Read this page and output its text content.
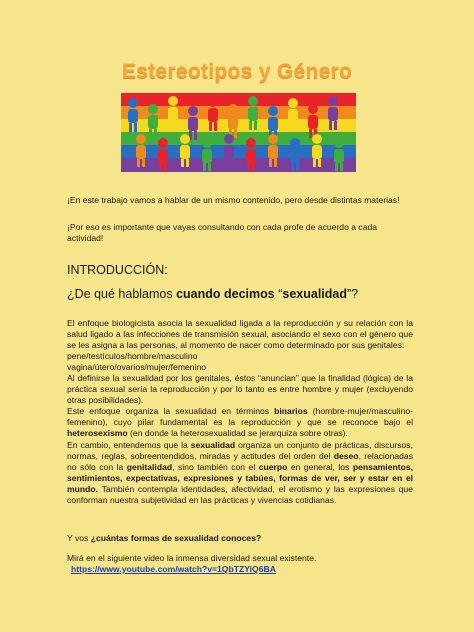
Estereotipos y Género
¡En este trabajo vamos a hablar de un mismo contenido, pero desde distintas materias!
¡Por eso es importante que vayas consultando con cada profe de acuerdo a cada actividad!
INTRODUCCIÓN:
¿De qué hablamos cuando decimos “sexualidad”?
El enfoque biologicista asocia la sexualidad ligada a la reproducción y su relación con la salud ligado a las infecciones de transmisión sexual, asociando el sexo con el género que se les asigna a las personas, al momento de nacer como determinado por sus genitales:
pene/testículos/hombre/masculino
vagina/útero/ovarios/mujer/femenino
Al definirse la sexualidad por los genitales, éstos “anuncian” que la finalidad (lógica) de la práctica sexual sería la reproducción y por lo tanto es entre hombre y mujer (excluyendo otras posibilidades).
Este enfoque organiza la sexualidad en términos binarios (hombre-mujer/masculino-femenino), cuyo pilar fundamental es la reproducción y que se reconoce bajo el heterosexismo (en donde la heterosexualidad se jerarquiza sobre otras).
En cambio, entendemos que la sexualidad organiza un conjunto de prácticas, discursos, normas, reglas, sobreentendidos, miradas y actitudes del orden del deseo, relacionadas no sólo con la genitalidad, sino también con el cuerpo en general, los pensamientos, sentimientos, expectativas, expresiones y tabúes, formas de ver, ser y estar en el mundo. También contempla identidades, afectividad, el erotismo y las expresiones que conforman nuestra subjetividad en las prácticas y vivencias cotidianas.
Y vos ¿cuántas formas de sexualidad conoces?
Mirá en el siguiente video la inmensa diversidad sexual existente.
https://www.youtube.com/watch?v=1QbTZYiQ6BA
